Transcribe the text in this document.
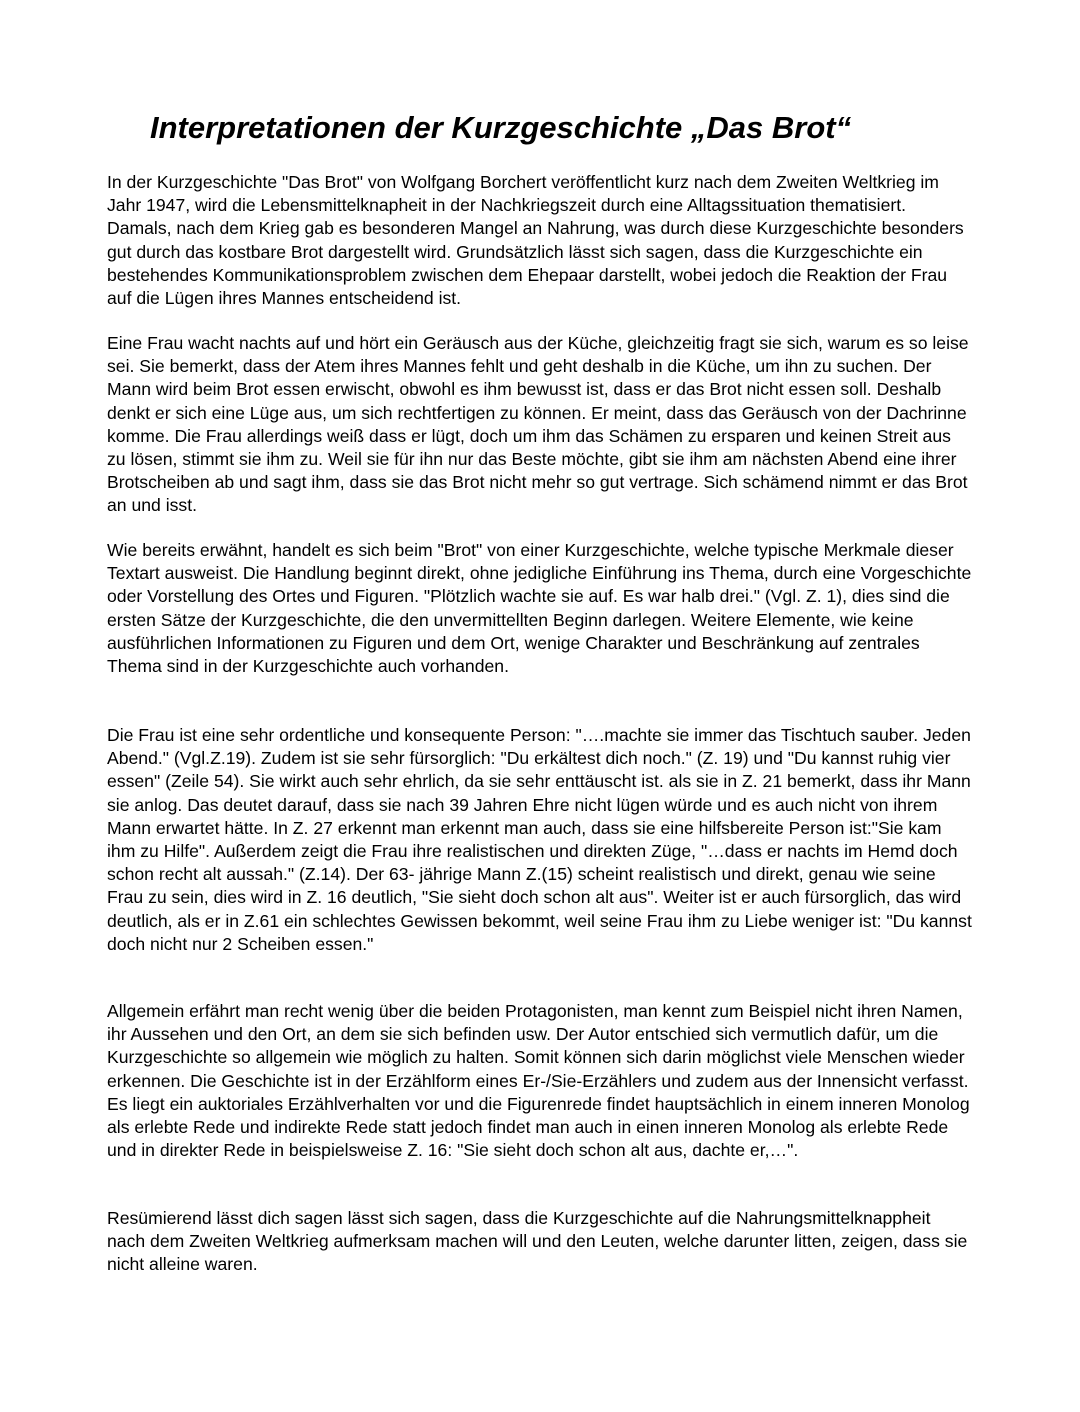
Interpretationen der Kurzgeschichte „Das Brot“

In der Kurzgeschichte "Das Brot" von Wolfgang Borchert veröffentlicht kurz nach dem Zweiten Weltkrieg im Jahr 1947, wird die Lebensmittelknapheit in der Nachkriegszeit durch eine Alltagssituation thematisiert. Damals, nach dem Krieg gab es besonderen Mangel an Nahrung, was durch diese Kurzgeschichte besonders gut durch das kostbare Brot dargestellt wird. Grundsätzlich lässt sich sagen, dass die Kurzgeschichte ein bestehendes Kommunikationsproblem zwischen dem Ehepaar darstellt, wobei jedoch die Reaktion der Frau auf die Lügen ihres Mannes entscheidend ist.

Eine Frau wacht nachts auf und hört ein Geräusch aus der Küche, gleichzeitig fragt sie sich, warum es so leise sei. Sie bemerkt, dass der Atem ihres Mannes fehlt und geht deshalb in die Küche, um ihn zu suchen. Der Mann wird beim Brot essen erwischt, obwohl es ihm bewusst ist, dass er das Brot nicht essen soll. Deshalb denkt er sich eine Lüge aus, um sich rechtfertigen zu können. Er meint, dass das Geräusch von der Dachrinne komme. Die Frau allerdings weiß dass er lügt, doch um ihm das Schämen zu ersparen und keinen Streit aus zu lösen, stimmt sie ihm zu. Weil sie für ihn nur das Beste möchte, gibt sie ihm am nächsten Abend eine ihrer Brotscheiben ab und sagt ihm, dass sie das Brot nicht mehr so gut vertrage. Sich schämend nimmt er das Brot an und isst.

Wie bereits erwähnt, handelt es sich beim "Brot" von einer Kurzgeschichte, welche typische Merkmale dieser Textart ausweist. Die Handlung beginnt direkt, ohne jedigliche Einführung ins Thema, durch eine Vorgeschichte oder Vorstellung des Ortes und Figuren. "Plötzlich wachte sie auf. Es war halb drei." (Vgl. Z. 1), dies sind die ersten Sätze der Kurzgeschichte, die den unvermittellten Beginn darlegen. Weitere Elemente, wie keine ausführlichen Informationen zu Figuren und dem Ort, wenige Charakter und Beschränkung auf zentrales Thema sind in der Kurzgeschichte auch vorhanden.

Die Frau ist eine sehr ordentliche und konsequente Person: "….machte sie immer das Tischtuch sauber. Jeden Abend." (Vgl.Z.19). Zudem ist sie sehr fürsorglich: "Du erkältest dich noch." (Z. 19) und "Du kannst ruhig vier essen" (Zeile 54). Sie wirkt auch sehr ehrlich, da sie sehr enttäuscht ist. als sie in Z. 21 bemerkt, dass ihr Mann sie anlog. Das deutet darauf, dass sie nach 39 Jahren Ehre nicht lügen würde und es auch nicht von ihrem Mann erwartet hätte. In Z. 27 erkennt man erkennt man auch, dass sie eine hilfsbereite Person ist:"Sie kam ihm zu Hilfe". Außerdem zeigt die Frau ihre realistischen und direkten Züge, "…dass er nachts im Hemd doch schon recht alt aussah." (Z.14). Der 63- jährige Mann Z.(15) scheint realistisch und direkt, genau wie seine Frau zu sein, dies wird in Z. 16 deutlich, "Sie sieht doch schon alt aus". Weiter ist er auch fürsorglich, das wird deutlich, als er in Z.61 ein schlechtes Gewissen bekommt, weil seine Frau ihm zu Liebe weniger ist: "Du kannst doch nicht nur 2 Scheiben essen."

Allgemein erfährt man recht wenig über die beiden Protagonisten, man kennt zum Beispiel nicht ihren Namen, ihr Aussehen und den Ort, an dem sie sich befinden usw. Der Autor entschied sich vermutlich dafür, um die Kurzgeschichte so allgemein wie möglich zu halten. Somit können sich darin möglichst viele Menschen wieder erkennen. Die Geschichte ist in der Erzählform eines Er-/Sie-Erzählers und zudem aus der Innensicht verfasst. Es liegt ein auktoriales Erzählverhalten vor und die Figurenrede findet hauptsächlich in einem inneren Monolog als erlebte Rede und indirekte Rede statt jedoch findet man auch in einen inneren Monolog als erlebte Rede und in direkter Rede in beispielsweise Z. 16: "Sie sieht doch schon alt aus, dachte er,…".

Resümierend lässt dich sagen lässt sich sagen, dass die Kurzgeschichte auf die Nahrungsmittelknappheit nach dem Zweiten Weltkrieg aufmerksam machen will und den Leuten, welche darunter litten, zeigen, dass sie nicht alleine waren.
